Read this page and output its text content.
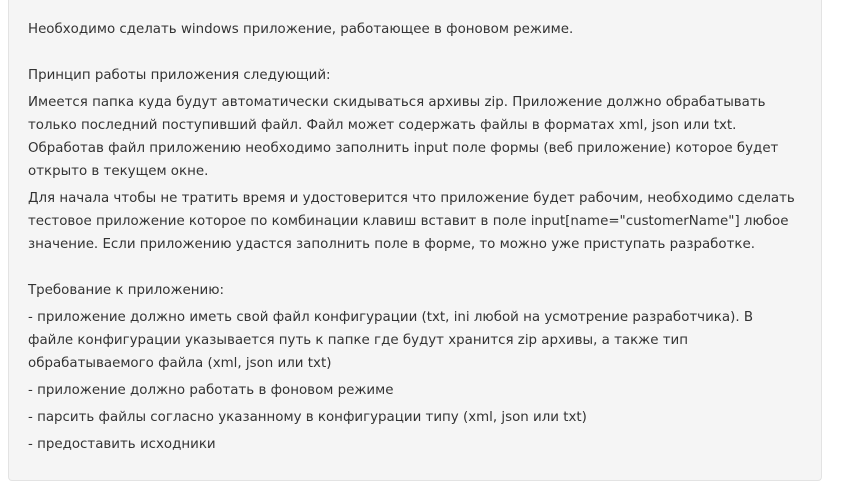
Необходимо сделать windows приложение, работающее в фоновом режиме.

Принцип работы приложения следующий:

Имеется папка куда будут автоматически скидываться архивы zip. Приложение должно обрабатывать только последний поступивший файл. Файл может содержать файлы в форматах xml, json или txt. Обработав файл приложению необходимо заполнить input поле формы (веб приложение) которое будет открыто в текущем окне.

Для начала чтобы не тратить время и удостоверится что приложение будет рабочим, необходимо сделать тестовое приложение которое по комбинации клавиш вставит в поле input[name="customerName"] любое значение. Если приложению удастся заполнить поле в форме, то можно уже приступать разработке.

Требование к приложению:

- приложение должно иметь свой файл конфигурации (txt, ini любой на усмотрение разработчика). В файле конфигурации указывается путь к папке где будут хранится zip архивы, а также тип обрабатываемого файла (xml, json или txt)

- приложение должно работать в фоновом режиме

- парсить файлы согласно указанному в конфигурации типу (xml, json или txt)

- предоставить исходники
